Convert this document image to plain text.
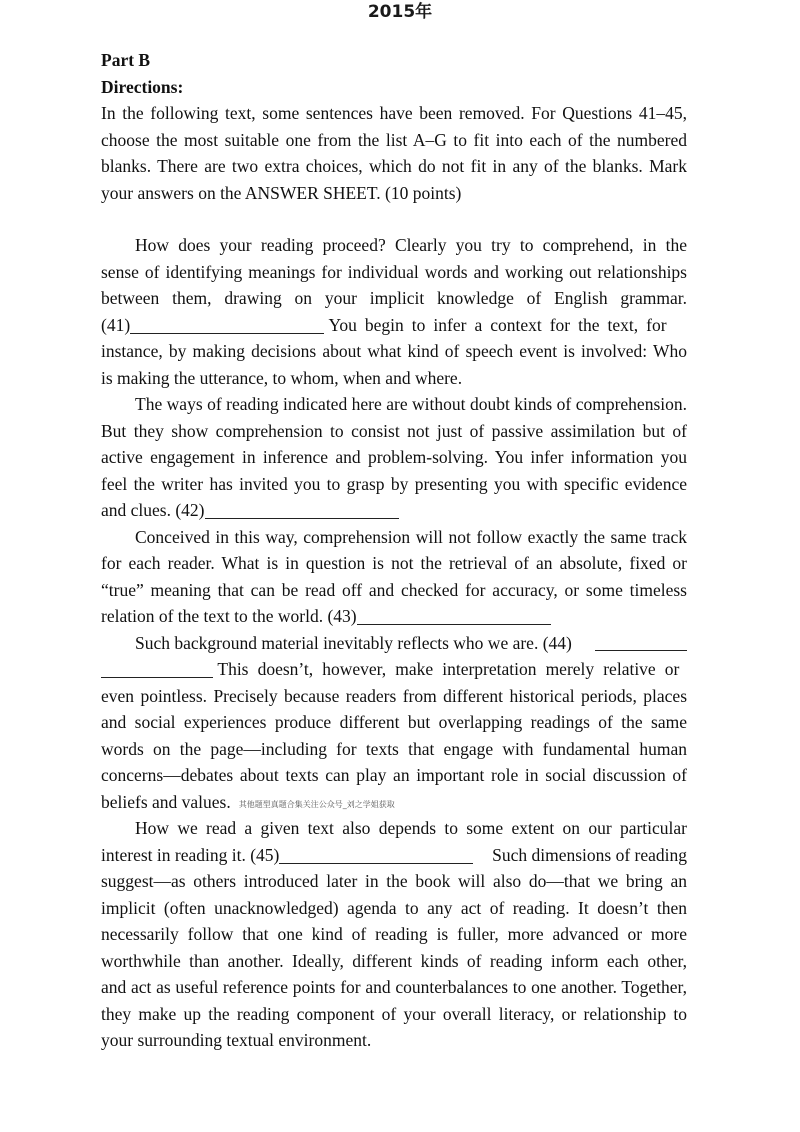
2015年
Part B
Directions:
In the following text, some sentences have been removed. For Questions 41–45,
choose the most suitable one from the list A–G to fit into each of the numbered
blanks. There are two extra choices, which do not fit in any of the blanks. Mark
your answers on the ANSWER SHEET. (10 points)
How does your reading proceed? Clearly you try to comprehend, in the
sense of identifying meanings for individual words and working out relationships
between them, drawing on your implicit knowledge of English grammar.
(41)	You begin to infer a context for the text, for
instance, by making decisions about what kind of speech event is involved: Who
is making the utterance, to whom, when and where.
The ways of reading indicated here are without doubt kinds of comprehension.
But they show comprehension to consist not just of passive assimilation but of
active engagement in inference and problem-solving. You infer information you
feel the writer has invited you to grasp by presenting you with specific evidence
and clues. (42)
Conceived in this way, comprehension will not follow exactly the same track
for each reader. What is in question is not the retrieval of an absolute, fixed or
“true” meaning that can be read off and checked for accuracy, or some timeless
relation of the text to the world. (43)
Such background material inevitably reflects who we are. (44)
This doesn’t, however, make interpretation merely relative or
even pointless. Precisely because readers from different historical periods, places
and social experiences produce different but overlapping readings of the same
words on the page—including for texts that engage with fundamental human
concerns—debates about texts can play an important role in social discussion of
beliefs and values. 其他题型真题合集关注公众号_刘之学姐获取
How we read a given text also depends to some extent on our particular
interest in reading it. (45)	Such dimensions of reading
suggest—as others introduced later in the book will also do—that we bring an
implicit (often unacknowledged) agenda to any act of reading. It doesn’t then
necessarily follow that one kind of reading is fuller, more advanced or more
worthwhile than another. Ideally, different kinds of reading inform each other,
and act as useful reference points for and counterbalances to one another. Together,
they make up the reading component of your overall literacy, or relationship to
your surrounding textual environment.
